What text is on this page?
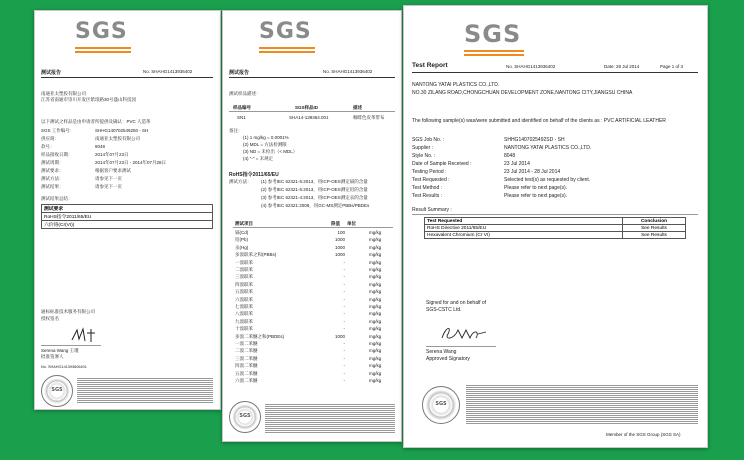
SGS
测试报告	No. SHAHG1413936402
南通亚太塑胶有限公司
江苏省南通市崇川开发区紫琅路30号盛山科技园
以下测试之样品是由申请者所提供及确认：PVC 人造革
SGS 工作编号：	SHHG140702549250 - SH
供应商：	南通亚太塑胶有限公司
款号：	8048
样品接收日期：	2014年07月23日
测试周期：	2014年07月23日 - 2014年07月28日
测试要求：	根据客户要求测试
测试方法：	请参见下一页
测试结果：	请参见下一页
测试结果总结：
测试要求
RoHS指令2011/65/EU
六价铬(Cr(VI))
通标标准技术服务有限公司
授权签名
Serena Wang 王瑾
批准签署人
No. SHAHG141393606401
SGS
SGS
测试报告	No. SHAHG1413936402
测试样品描述：
样品编号	SGS样品ID	描述
SN1	SHA14-139364.001	咖啡色皮革带布
备注：
(1) 1 mg/kg = 0.0001%
(2) MDL = 方法检测限
(3) ND = 未检出（< MDL）
(4) "-" = 未规定
RoHS指令2011/65/EU
测试方法： (1) 参考IEC 62321-5:2013，用ICP-OES测定镉的含量
(2) 参考IEC 62321-5:2013，用ICP-OES测定铅的含量
(3) 参考IEC 62321-4:2013，用ICP-OES测定汞的含量
(4) 参考IEC 62321:2008，用GC-MS测定PBBs/PBDEs
测试项目	限值 单位
镉(Cd)	100	mg/kg
铅(Pb)	1000	mg/kg
汞(Hg)	1000	mg/kg
多溴联苯之和(PBBs)	1000	mg/kg
一溴联苯	-	mg/kg
二溴联苯	-	mg/kg
三溴联苯	-	mg/kg
四溴联苯	-	mg/kg
五溴联苯	-	mg/kg
六溴联苯	-	mg/kg
七溴联苯	-	mg/kg
八溴联苯	-	mg/kg
九溴联苯	-	mg/kg
十溴联苯	-	mg/kg
多溴二苯醚之和(PBDEs)	1000	mg/kg
一溴二苯醚	-	mg/kg
二溴二苯醚	-	mg/kg
三溴二苯醚	-	mg/kg
四溴二苯醚	-	mg/kg
五溴二苯醚	-	mg/kg
六溴二苯醚	-	mg/kg
SGS
SGS
Test Report	No. SHAHG1413936402	Date: 28 Jul 2014	Page 1 of 3
NANTONG YATAI PLASTICS CO.,LTD.
NO.30 ZILANG ROAD,CHONGCHUAN DEVELOPMENT ZONE,NANTONG CITY,JIANGSU CHINA
The following sample(s) was/were submitted and identified on behalf of the clients as : PVC ARTIFICIAL LEATHER
SGS Job No. :	SHHG1407025492SD - SH
Supplier :	NANTONG YATAI PLASTICS CO.,LTD.
Style No. :	8048
Date of Sample Received :	23 Jul 2014
Testing Period :	23 Jul 2014 - 28 Jul 2014
Test Requested :	Selected test(s) as requested by client.
Test Method :	Please refer to next page(s).
Test Results :	Please refer to next page(s).
Result Summary :
Test Requested	Conclusion
RoHS Directive 2011/65/EU	See Results
Hexavalent Chromium (Cr VI)	See Results
Signed for and on behalf of
SGS-CSTC Ltd.
Serena Wang
Approved Signatory
SGS
Member of the SGS Group (SGS SA)
